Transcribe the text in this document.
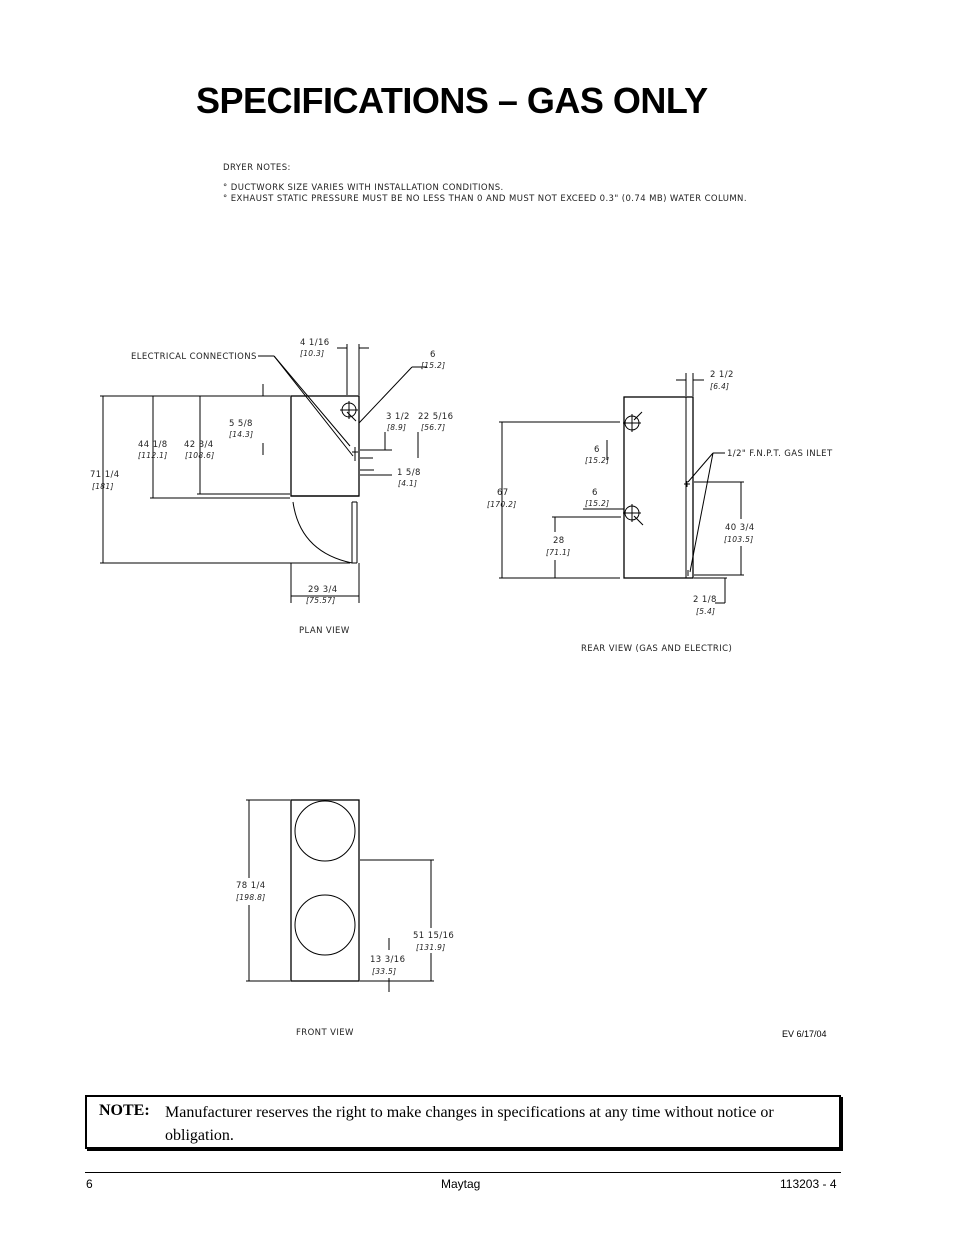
SPECIFICATIONS – GAS ONLY
DRYER NOTES:
° DUCTWORK SIZE VARIES WITH INSTALLATION CONDITIONS.
° EXHAUST STATIC PRESSURE MUST BE NO LESS THAN 0 AND MUST NOT EXCEED 0.3" (0.74 MB) WATER COLUMN.
ELECTRICAL CONNECTIONS
4 1/16
[10.3]	6
[15.2]
5 5/8
[14.3]
3 1/2
[8.9]
22 5/16
[56.7]
44 1/8
[112.1]
42 3/4
[108.6]
71 1/4
[181]
1 5/8
[4.1]
29 3/4
[75.57]
PLAN VIEW
2 1/2
[6.4]
1/2" F.N.P.T. GAS INLET
6
[15.2]
67
[170.2]
6
[15.2]
28
[71.1]
40 3/4
[103.5]
2 1/8
[5.4]
REAR VIEW (GAS AND ELECTRIC)
78 1/4
[198.8]
51 15/16
[131.9]
13 3/16
[33.5]
FRONT VIEW	EV 6/17/04
NOTE: Manufacturer reserves the right to make changes in specifications at any time without notice or obligation.
6	Maytag	113203 - 4
